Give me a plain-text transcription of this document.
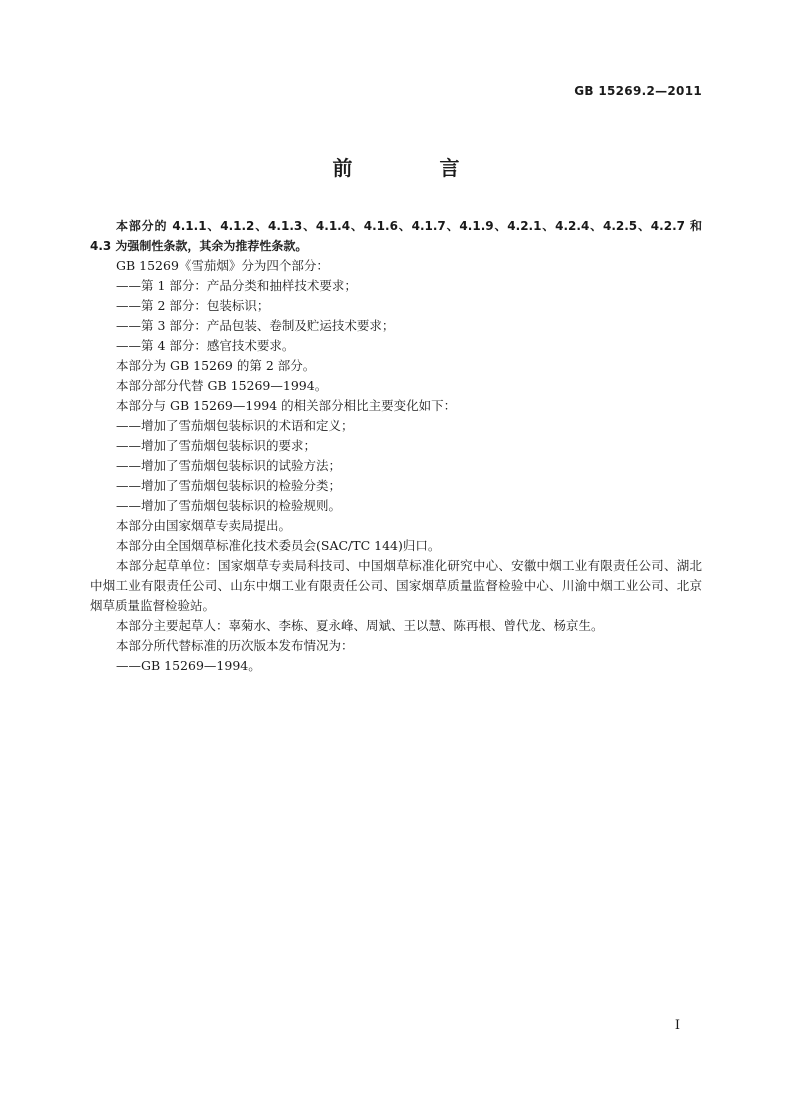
GB 15269.2—2011
前 言

本部分的 4.1.1、4.1.2、4.1.3、4.1.4、4.1.6、4.1.7、4.1.9、4.2.1、4.2.4、4.2.5、4.2.7 和 4.3 为强制性条款，其余为推荐性条款。

GB 15269《雪茄烟》分为四个部分：

——第 1 部分：产品分类和抽样技术要求；

——第 2 部分：包装标识；

——第 3 部分：产品包装、卷制及贮运技术要求；

——第 4 部分：感官技术要求。

本部分为 GB 15269 的第 2 部分。

本部分部分代替 GB 15269—1994。

本部分与 GB 15269—1994 的相关部分相比主要变化如下：

——增加了雪茄烟包装标识的术语和定义；

——增加了雪茄烟包装标识的要求；

——增加了雪茄烟包装标识的试验方法；

——增加了雪茄烟包装标识的检验分类；

——增加了雪茄烟包装标识的检验规则。

本部分由国家烟草专卖局提出。

本部分由全国烟草标准化技术委员会(SAC/TC 144)归口。

本部分起草单位：国家烟草专卖局科技司、中国烟草标准化研究中心、安徽中烟工业有限责任公司、湖北中烟工业有限责任公司、山东中烟工业有限责任公司、国家烟草质量监督检验中心、川渝中烟工业公司、北京烟草质量监督检验站。

本部分主要起草人：辜菊水、李栋、夏永峰、周斌、王以慧、陈再根、曾代龙、杨京生。

本部分所代替标准的历次版本发布情况为：

——GB 15269—1994。

I
